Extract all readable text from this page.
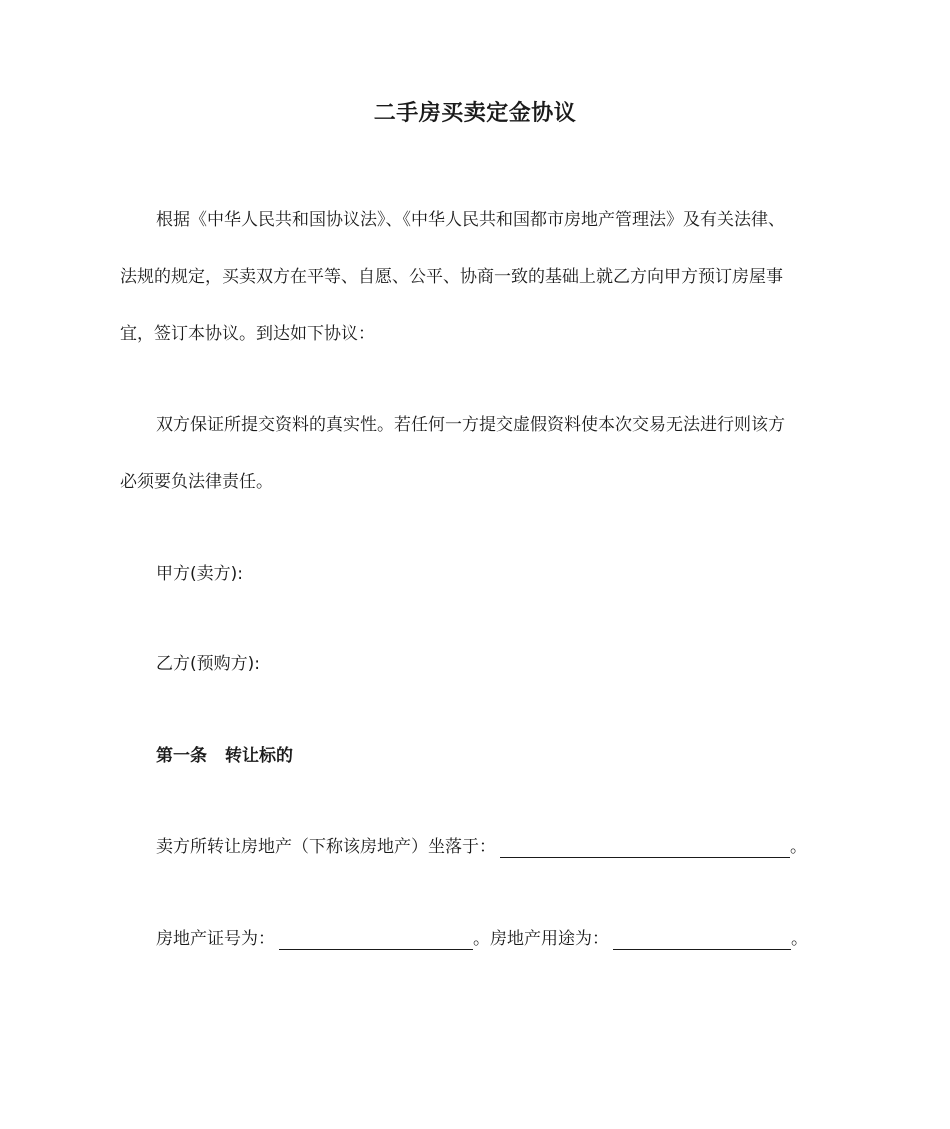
二手房买卖定金协议
根据《中华人民共和国协议法》、《中华人民共和国都市房地产管理法》及有关法律、
法规的规定，买卖双方在平等、自愿、公平、协商一致的基础上就乙方向甲方预订房屋事
宜，签订本协议。到达如下协议：
双方保证所提交资料的真实性。若任何一方提交虚假资料使本次交易无法进行则该方
必须要负法律责任。
甲方(卖方):
乙方(预购方):
第一条 转让标的
卖方所转让房地产（下称该房地产）坐落于：	。
房地产证号为：	。房地产用途为：	。
